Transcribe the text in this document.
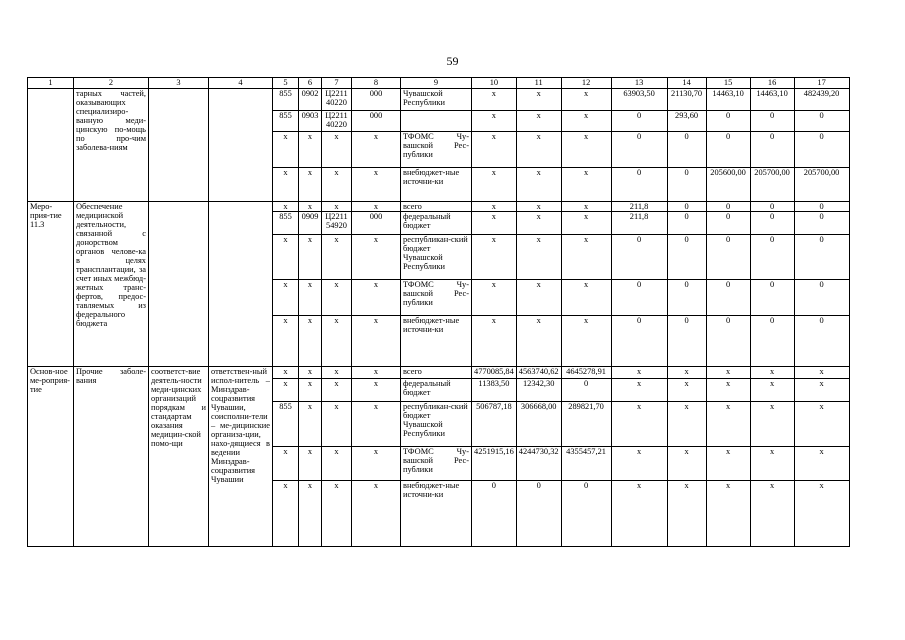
59
1	2	3	4	5	6	7	8	9	10	11	12	13	14	15	16	17
	тарных частей, оказывающих специализиро-ванную меди-цинскую по-мощь по про-чим заболева-ниям			855	0902	Ц2211 40220	000	Чувашской Республики	x	x	x	63903,50	21130,70	14463,10	14463,10	482439,20
				855	0903	Ц2211 40220	000		x	x	x	0	293,60	0	0	0
				x	x	x	x	ТФОМС Чу-вашской Рес-публики	x	x	x	0	0	0	0	0
				x	x	x	x	внебюджет-ные источни-ки	x	x	x	0	0	205600,00	205700,00	205700,00
Меро-прия-тие 11.3	Обеспечение медицинской деятельности, связанной с донорством органов челове-ка в целях трансплантации, за счет иных межбюд-жетных транс-фертов, предос-тавляемых из федерального бюджета			x	x	x	x	всего	x	x	x	211,8	0	0	0	0
				855	0909	Ц2211 54920	000	федеральный бюджет	x	x	x	211,8	0	0	0	0
				x	x	x	x	республикан-ский бюджет Чувашской Республики	x	x	x	0	0	0	0	0
				x	x	x	x	ТФОМС Чу-вашской Рес-публики	x	x	x	0	0	0	0	0
				x	x	x	x	внебюджет-ные источни-ки	x	x	x	0	0	0	0	0
Основ-ное ме-роприя-тие	Прочие заболе-вания	соответст-вие деятель-ности меди-цинских организаций порядкам и стандартам оказания медицин-ской помо-щи	ответствен-ный испол-нитель – Минздрав-соцразвития Чувашии, соисполни-тели – ме-дицинские организа-ции, нахо-дящиеся в ведении Минздрав-соцразвития Чувашии	x	x	x	x	всего	4770085,84	4563740,62	4645278,91	x	x	x	x	x
				x	x	x	x	федеральный бюджет	11383,50	12342,30	0	x	x	x	x	x
				855	x	x	x	республикан-ский бюджет Чувашской Республики	506787,18	306668,00	289821,70	x	x	x	x	x
				x	x	x	x	ТФОМС Чу-вашской Рес-публики	4251915,16	4244730,32	4355457,21	x	x	x	x	x
				x	x	x	x	внебюджет-ные источни-ки	0	0	0	x	x	x	x	x
